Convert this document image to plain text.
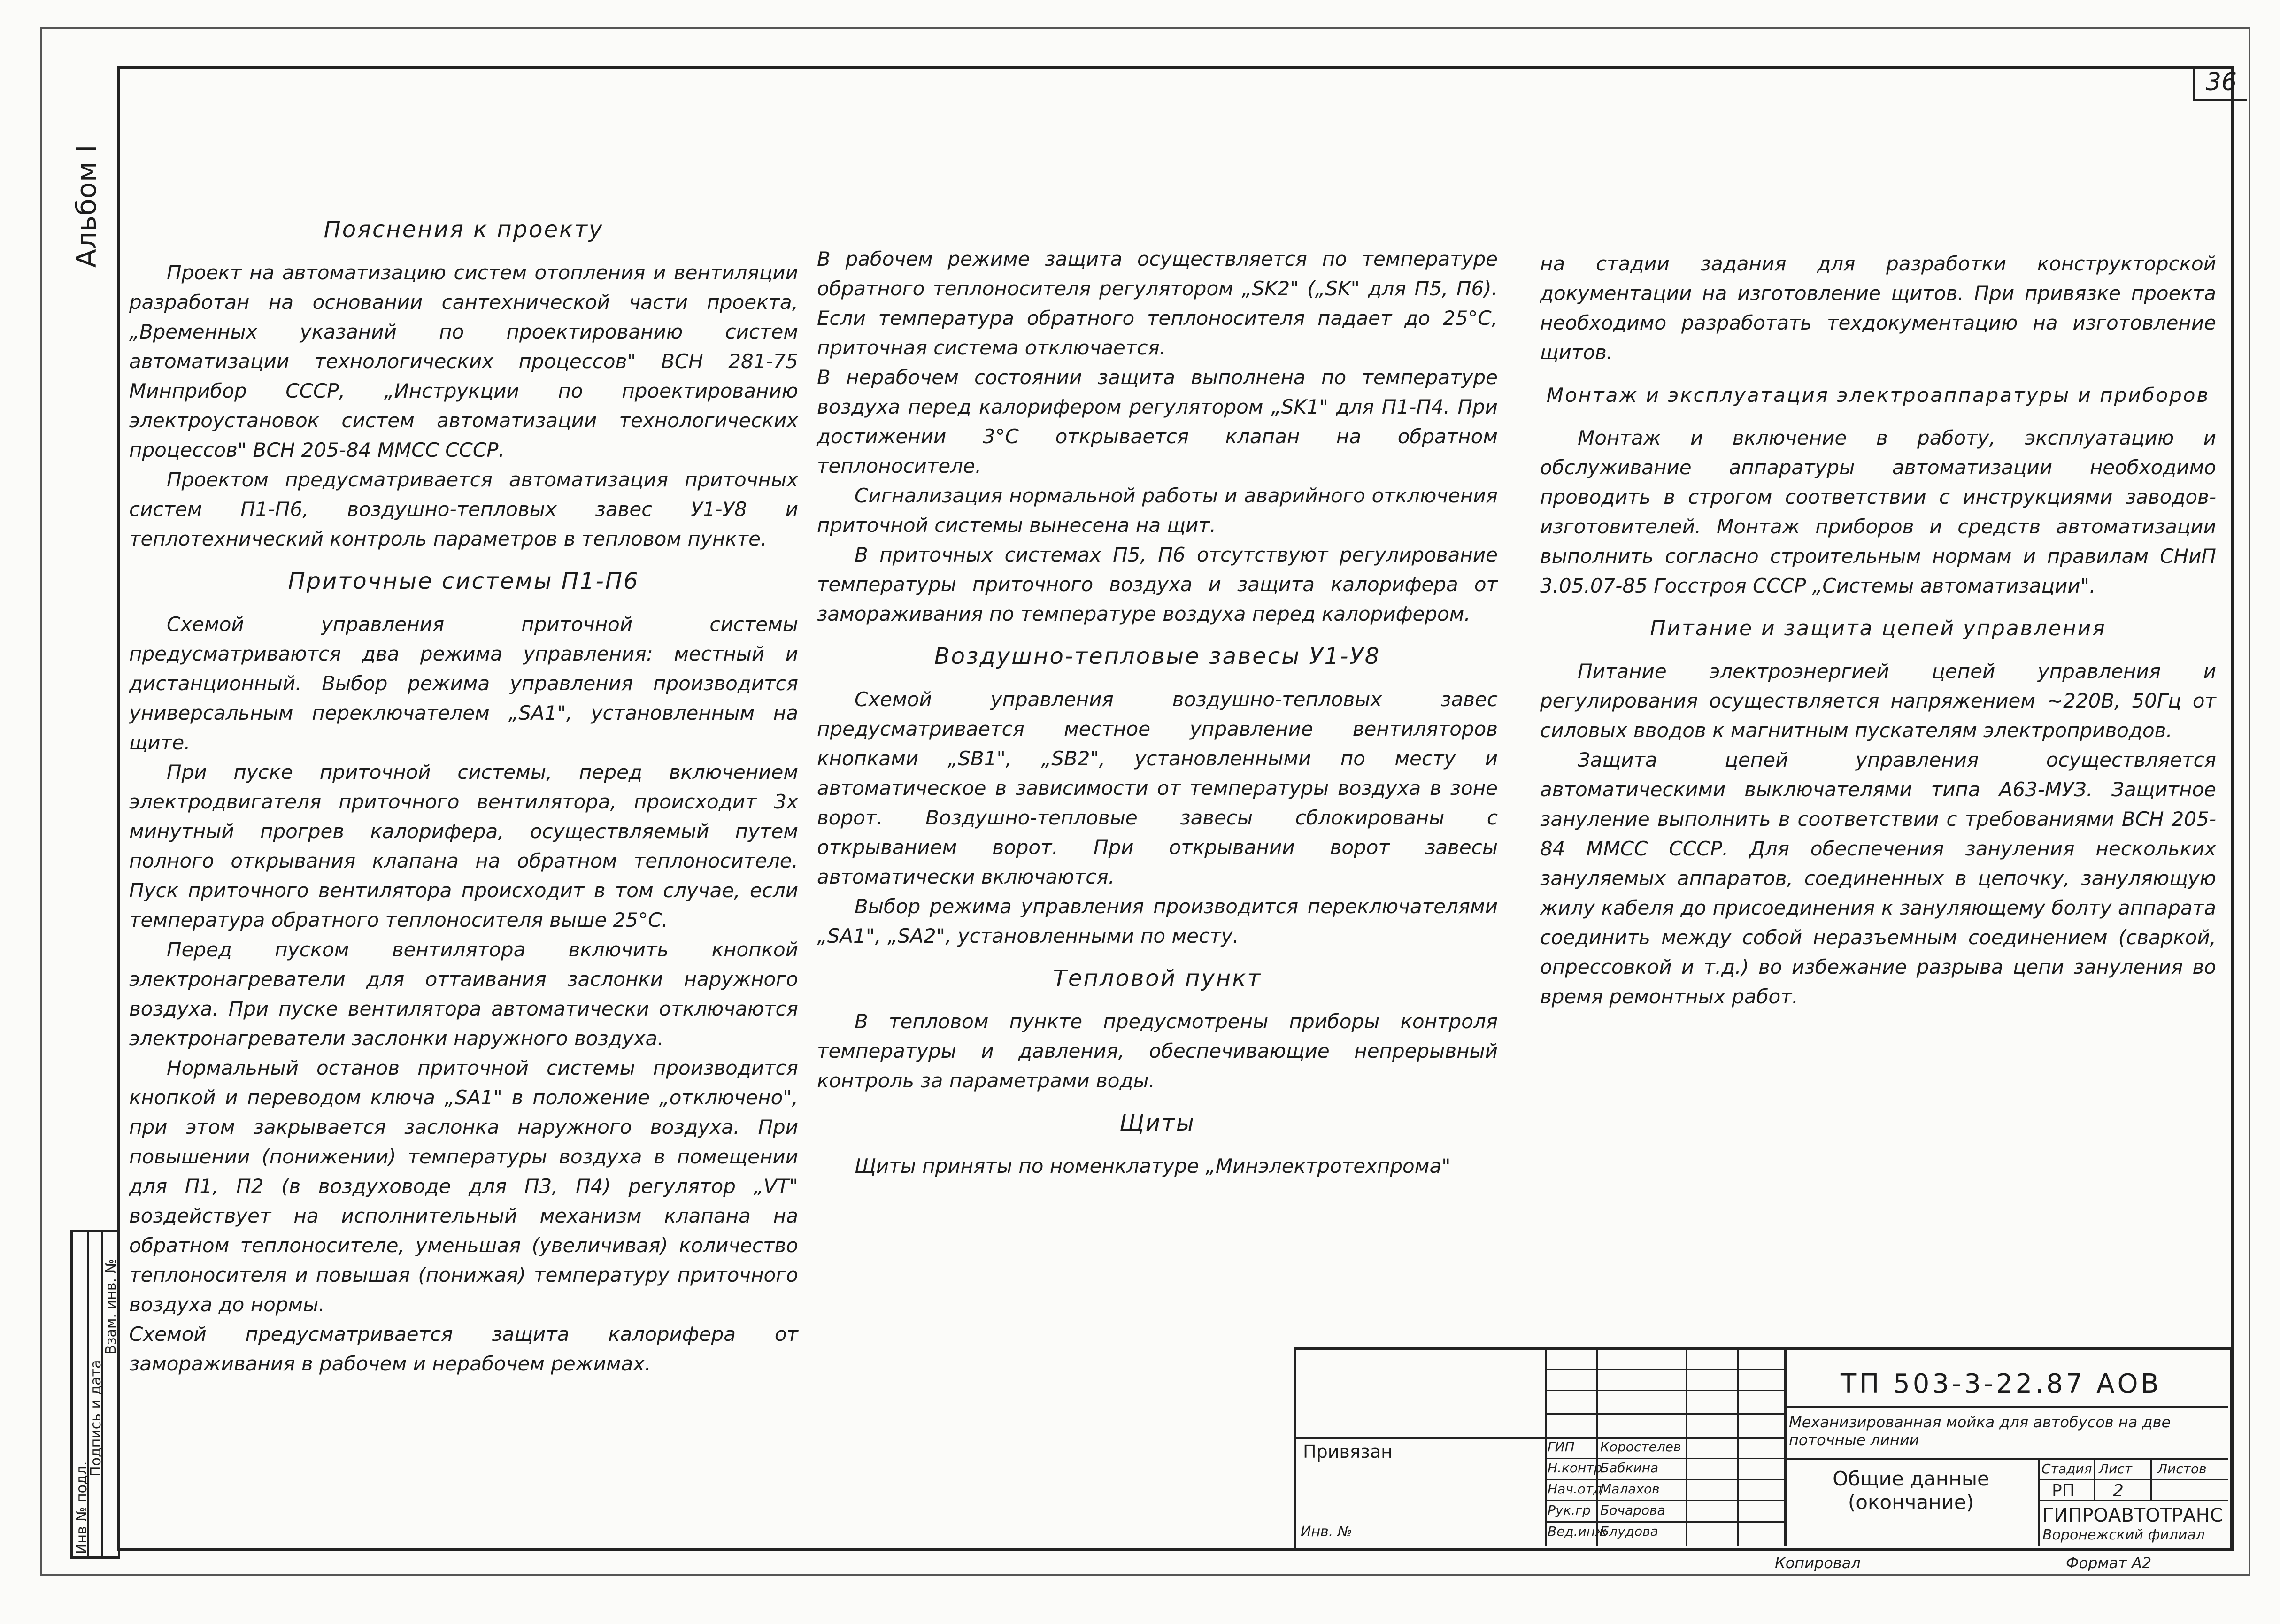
Альбом I
36
Пояснения к проекту

Проект на автоматизацию систем отопления и вентиляции разработан на основании сантехнической части проекта, „Временных указаний по проектированию систем автоматизации технологических процессов" ВСН 281-75 Минприбор СССР, „Инструкции по проектированию электроустановок систем автоматизации технологических процессов" ВСН 205-84 ММСС СССР.

Проектом предусматривается автоматизация приточных систем П1-П6, воздушно-тепловых завес У1-У8 и теплотехнический контроль параметров в тепловом пункте.

Приточные системы П1-П6

Схемой управления приточной системы предусматриваются два режима управления: местный и дистанционный. Выбор режима управления производится универсальным переключателем „SA1", установленным на щите.

При пуске приточной системы, перед включением электродвигателя приточного вентилятора, происходит 3х минутный прогрев калорифера, осуществляемый путем полного открывания клапана на обратном теплоносителе. Пуск приточного вентилятора происходит в том случае, если температура обратного теплоносителя выше 25°С.

Перед пуском вентилятора включить кнопкой электронагреватели для оттаивания заслонки наружного воздуха. При пуске вентилятора автоматически отключаются электронагреватели заслонки наружного воздуха.

Нормальный останов приточной системы производится кнопкой и переводом ключа „SA1" в положение „отключено", при этом закрывается заслонка наружного воздуха. При повышении (понижении) температуры воздуха в помещении для П1, П2 (в воздуховоде для П3, П4) регулятор „VT" воздействует на исполнительный механизм клапана на обратном теплоносителе, уменьшая (увеличивая) количество теплоносителя и повышая (понижая) температуру приточного воздуха до нормы.

Схемой предусматривается защита калорифера от замораживания в рабочем и нерабочем режимах.

В рабочем режиме защита осуществляется по температуре обратного теплоносителя регулятором „SK2" („SK" для П5, П6). Если температура обратного теплоносителя падает до 25°С, приточная система отключается.

В нерабочем состоянии защита выполнена по температуре воздуха перед калорифером регулятором „SK1" для П1-П4. При достижении 3°С открывается клапан на обратном теплоносителе.

Сигнализация нормальной работы и аварийного отключения приточной системы вынесена на щит.

В приточных системах П5, П6 отсутствуют регулирование температуры приточного воздуха и защита калорифера от замораживания по температуре воздуха перед калорифером.

Воздушно-тепловые завесы У1-У8

Схемой управления воздушно-тепловых завес предусматривается местное управление вентиляторов кнопками „SB1", „SB2", установленными по месту и автоматическое в зависимости от температуры воздуха в зоне ворот. Воздушно-тепловые завесы сблокированы с открыванием ворот. При открывании ворот завесы автоматически включаются.

Выбор режима управления производится переключателями „SA1", „SA2", установленными по месту.

Тепловой пункт

В тепловом пункте предусмотрены приборы контроля температуры и давления, обеспечивающие непрерывный контроль за параметрами воды.

Щиты

Щиты приняты по номенклатуре „Минэлектротехпрома"

на стадии задания для разработки конструкторской документации на изготовление щитов. При привязке проекта необходимо разработать техдокументацию на изготовление щитов.

Монтаж и эксплуатация электроаппаратуры и приборов

Монтаж и включение в работу, эксплуатацию и обслуживание аппаратуры автоматизации необходимо проводить в строгом соответствии с инструкциями заводов-изготовителей. Монтаж приборов и средств автоматизации выполнить согласно строительным нормам и правилам СНиП 3.05.07-85 Госстроя СССР „Системы автоматизации".

Питание и защита цепей управления

Питание электроэнергией цепей управления и регулирования осуществляется напряжением ~220В, 50Гц от силовых вводов к магнитным пускателям электроприводов.

Защита цепей управления осуществляется автоматическими выключателями типа А63-МУЗ. Защитное зануление выполнить в соответствии с требованиями ВСН 205-84 ММСС СССР. Для обеспечения зануления нескольких зануляемых аппаратов, соединенных в цепочку, зануляющую жилу кабеля до присоединения к зануляющему болту аппарата соединить между собой неразъемным соединением (сваркой, опрессовкой и т.д.) во избежание разрыва цепи зануления во время ремонтных работ.

Инв № подл.
Подпись и дата
Взам. инв. №
ТП 503-3-22.87 АОВ
Механизированная мойка для автобусов на две поточные линии
Привязан
Инв. №
ГИП Коростелев
Н.контр
Бабкина
Нач.отд
Малахов
Рук.гр Бочарова
Вед.инж
Блудова
Стадия Лист Листов
РП 2
Общие данные (окончание)
ГИПРОАВТОТРАНС
Воронежский филиал
Копировал	Формат А2
